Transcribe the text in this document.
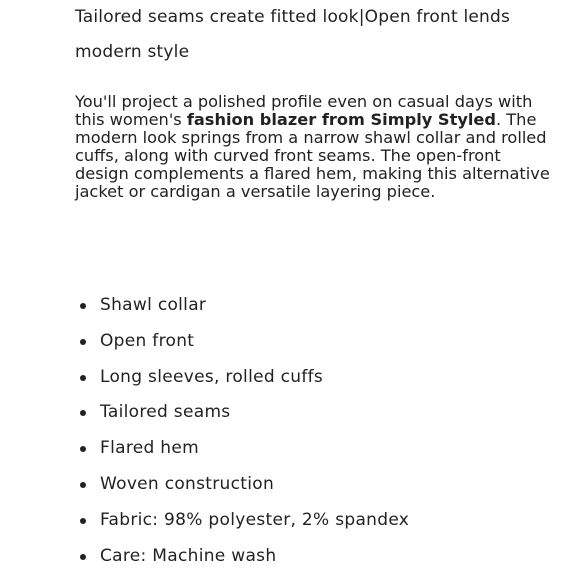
Tailored seams create fitted look|Open front lends modern style

You'll project a polished profile even on casual days with this women's fashion blazer from Simply Styled. The modern look springs from a narrow shawl collar and rolled cuffs, along with curved front seams. The open-front design complements a flared hem, making this alternative jacket or cardigan a versatile layering piece.

Shawl collar
Open front
Long sleeves, rolled cuffs
Tailored seams
Flared hem
Woven construction
Fabric: 98% polyester, 2% spandex
Care: Machine wash
